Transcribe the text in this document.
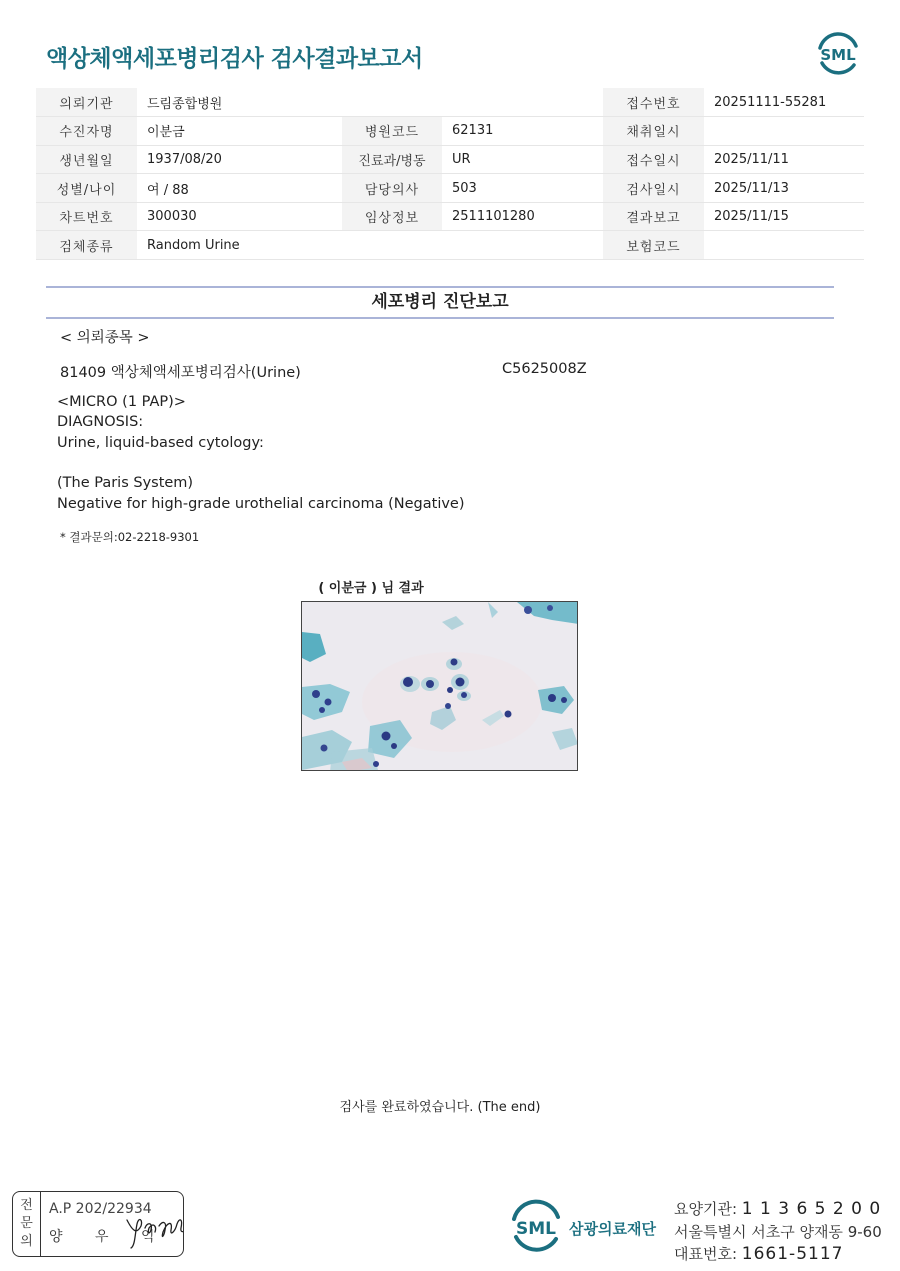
액상체액세포병리검사 검사결과보고서	SML
의뢰기관	드림종합병원			접수번호	20251111-55281
수진자명	이분금	병원코드	62131	채취일시	
생년월일	1937/08/20	진료과/병동	UR	접수일시	2025/11/11
성별/나이	여 / 88	담당의사	503	검사일시	2025/11/13
차트번호	300030	임상정보	2511101280	결과보고	2025/11/15
검체종류	Random Urine			보험코드	
세포병리 진단보고
< 의뢰종목 >
81409 액상체액세포병리검사(Urine)	C5625008Z
<MICRO (1 PAP)>
DIAGNOSIS:
Urine, liquid-based cytology:
(The Paris System)
Negative for high-grade urothelial carcinoma (Negative)
* 결과문의:02-2218-9301
( 이분금 ) 님 결과
검사를 완료하였습니다. (The end)
전
문
의
A.P 202/22934
양 우 익	SML 삼광의료재단
요양기관: 1 1 3 6 5 2 0 0
서울특별시 서초구 양재동 9-60
대표번호: 1661-5117
